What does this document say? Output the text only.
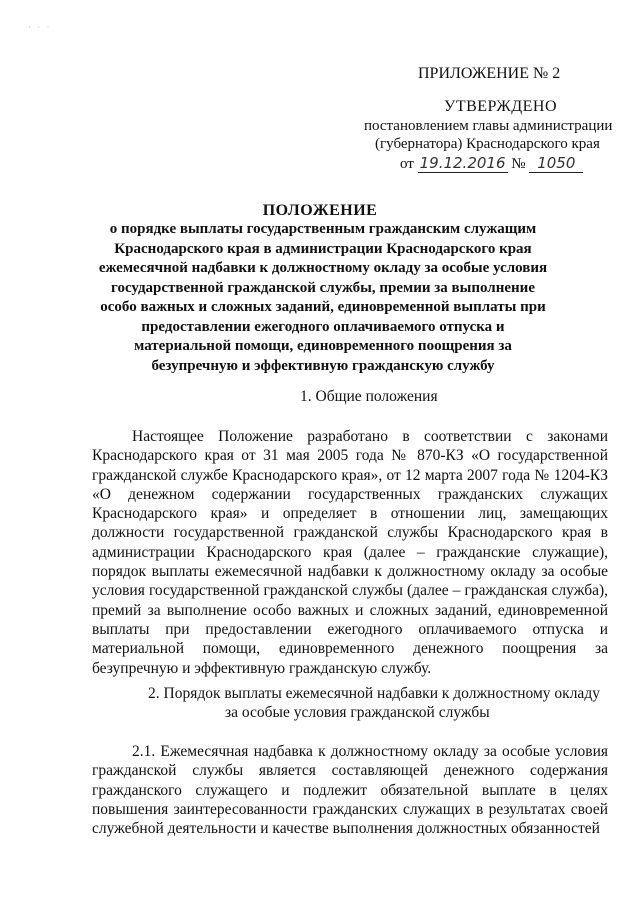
· · ·
ПРИЛОЖЕНИЕ № 2
УТВЕРЖДЕНО
постановлением главы администрации
(губернатора) Краснодарского края
от 19.12.2016 № 1050
ПОЛОЖЕНИЕ
о порядке выплаты государственным гражданским служащим Краснодарского края в администрации Краснодарского края ежемесячной надбавки к должностному окладу за особые условия государственной гражданской службы, премии за выполнение особо важных и сложных заданий, единовременной выплаты при предоставлении ежегодного оплачиваемого отпуска и материальной помощи, единовременного поощрения за безупречную и эффективную гражданскую службу
1. Общие положения
Настоящее Положение разработано в соответствии с законами Краснодарского края от 31 мая 2005 года № 870-КЗ «О государственной гражданской службе Краснодарского края», от 12 марта 2007 года № 1204-КЗ «О денежном содержании государственных гражданских служащих Краснодарского края» и определяет в отношении лиц, замещающих должности государственной гражданской службы Краснодарского края в администрации Краснодарского края (далее – гражданские служащие), порядок выплаты ежемесячной надбавки к должностному окладу за особые условия государственной гражданской службы (далее – гражданская служба), премий за выполнение особо важных и сложных заданий, единовременной выплаты при предоставлении ежегодного оплачиваемого отпуска и материальной помощи, единовременного денежного поощрения за безупречную и эффективную гражданскую службу.
2. Порядок выплаты ежемесячной надбавки к должностному окладу
за особые условия гражданской службы
2.1. Ежемесячная надбавка к должностному окладу за особые условия гражданской службы является составляющей денежного содержания гражданского служащего и подлежит обязательной выплате в целях повышения заинтересованности гражданских служащих в результатах своей служебной деятельности и качестве выполнения должностных обязанностей
